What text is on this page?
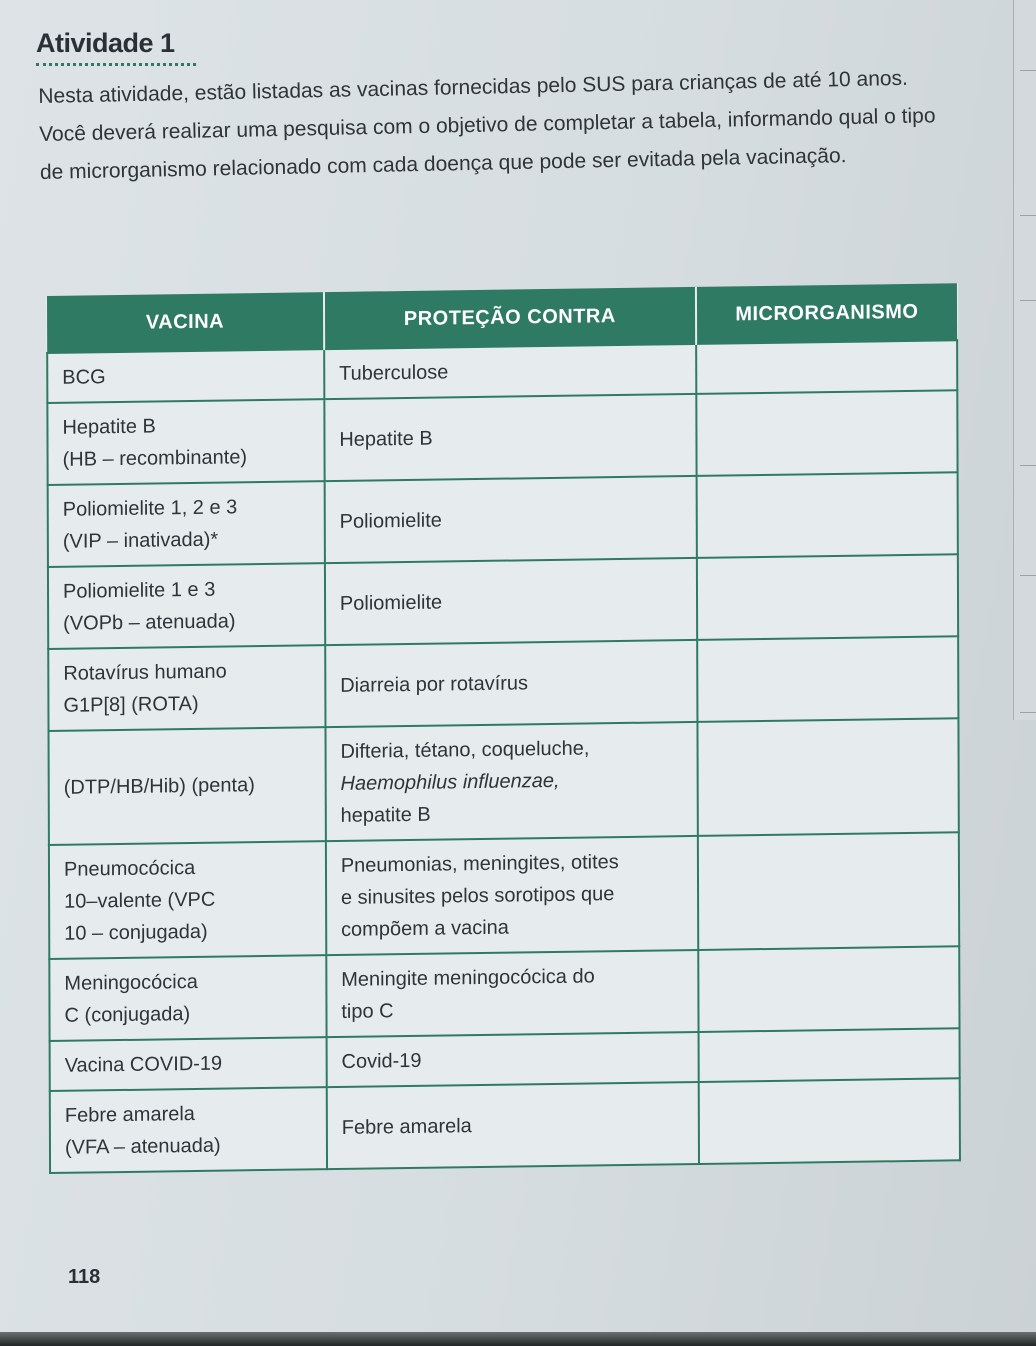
Atividade 1

Nesta atividade, estão listadas as vacinas fornecidas pelo SUS para crianças de até 10 anos.

Você deverá realizar uma pesquisa com o objetivo de completar a tabela, informando qual o tipo de microrganismo relacionado com cada doença que pode ser evitada pela vacinação.

VACINA	PROTEÇÃO CONTRA	MICRORGANISMO

BCG	Tuberculose	

Hepatite B
(HB – recombinante)	Hepatite B	

Poliomielite 1, 2 e 3
(VIP – inativada)*	Poliomielite	

Poliomielite 1 e 3
(VOPb – atenuada)	Poliomielite	

Rotavírus humano
G1P[8] (ROTA)	Diarreia por rotavírus	

(DTP/HB/Hib) (penta)	Difteria, tétano, coqueluche,
Haemophilus influenzae,
hepatite B	

Pneumocócica
10–valente (VPC
10 – conjugada)	Pneumonias, meningites, otites
e sinusites pelos sorotipos que
compõem a vacina	

Meningocócica
C (conjugada)	Meningite meningocócica do
tipo C	

Vacina COVID-19	Covid-19	

Febre amarela
(VFA – atenuada)	Febre amarela	

118
